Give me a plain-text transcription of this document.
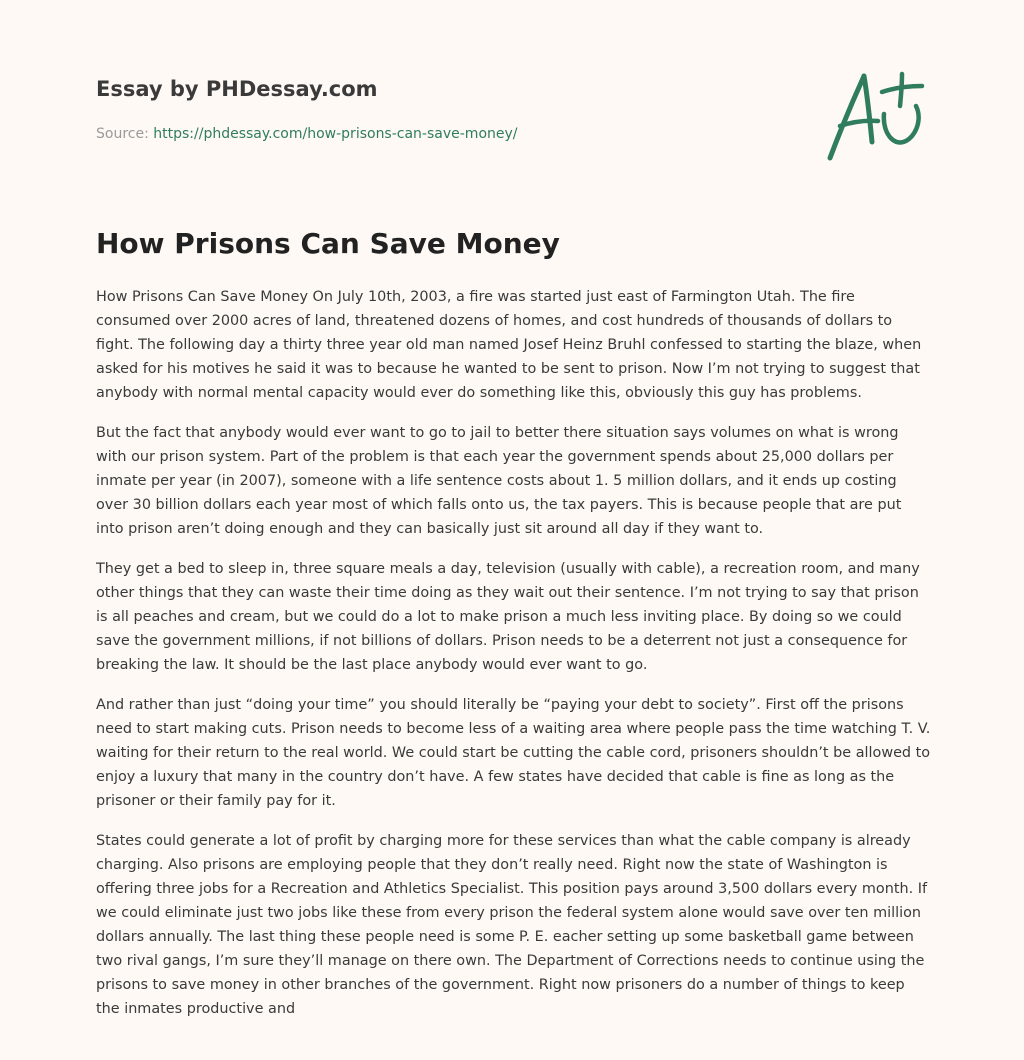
Essay by PHDessay.com

Source: https://phdessay.com/how-prisons-can-save-money/
How Prisons Can Save Money

How Prisons Can Save Money On July 10th, 2003, a fire was started just east of Farmington Utah. The fire consumed over 2000 acres of land, threatened dozens of homes, and cost hundreds of thousands of dollars to fight. The following day a thirty three year old man named Josef Heinz Bruhl confessed to starting the blaze, when asked for his motives he said it was to because he wanted to be sent to prison. Now I’m not trying to suggest that anybody with normal mental capacity would ever do something like this, obviously this guy has problems.

But the fact that anybody would ever want to go to jail to better there situation says volumes on what is wrong with our prison system. Part of the problem is that each year the government spends about 25,000 dollars per inmate per year (in 2007), someone with a life sentence costs about 1. 5 million dollars, and it ends up costing over 30 billion dollars each year most of which falls onto us, the tax payers. This is because people that are put into prison aren’t doing enough and they can basically just sit around all day if they want to.

They get a bed to sleep in, three square meals a day, television (usually with cable), a recreation room, and many other things that they can waste their time doing as they wait out their sentence. I’m not trying to say that prison is all peaches and cream, but we could do a lot to make prison a much less inviting place. By doing so we could save the government millions, if not billions of dollars. Prison needs to be a deterrent not just a consequence for breaking the law. It should be the last place anybody would ever want to go.

And rather than just “doing your time” you should literally be “paying your debt to society”. First off the prisons need to start making cuts. Prison needs to become less of a waiting area where people pass the time watching T. V. waiting for their return to the real world. We could start be cutting the cable cord, prisoners shouldn’t be allowed to enjoy a luxury that many in the country don’t have. A few states have decided that cable is fine as long as the prisoner or their family pay for it.

States could generate a lot of profit by charging more for these services than what the cable company is already charging. Also prisons are employing people that they don’t really need. Right now the state of Washington is offering three jobs for a Recreation and Athletics Specialist. This position pays around 3,500 dollars every month. If we could eliminate just two jobs like these from every prison the federal system alone would save over ten million dollars annually. The last thing these people need is some P. E. eacher setting up some basketball game between two rival gangs, I’m sure they’ll manage on there own. The Department of Corrections needs to continue using the prisons to save money in other branches of the government. Right now prisoners do a number of things to keep the inmates productive and
